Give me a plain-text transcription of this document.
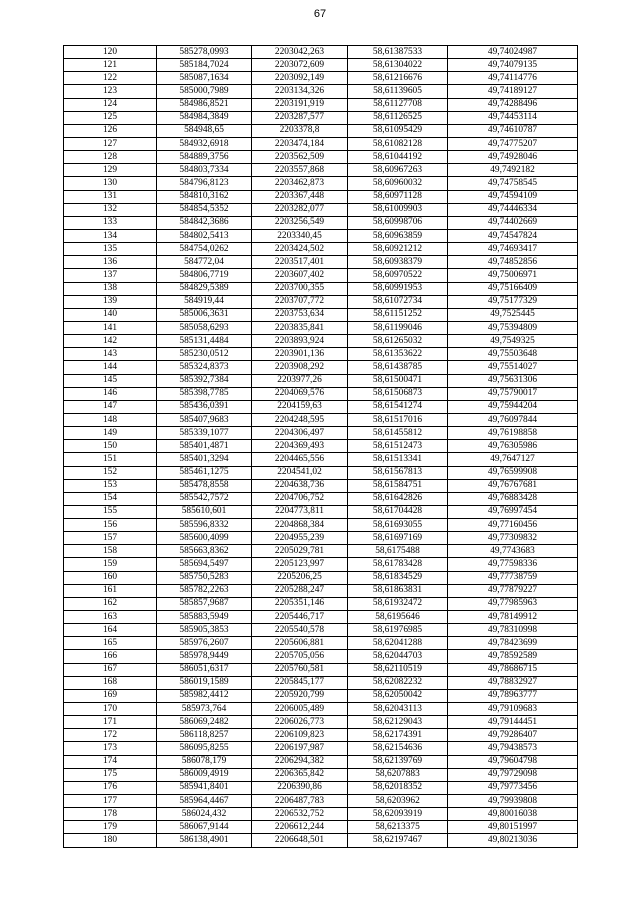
67
120	585278,0993	2203042,263	58,61387533	49,74024987
121	585184,7024	2203072,609	58,61304022	49,74079135
122	585087,1634	2203092,149	58,61216676	49,74114776
123	585000,7989	2203134,326	58,61139605	49,74189127
124	584986,8521	2203191,919	58,61127708	49,74288496
125	584984,3849	2203287,577	58,61126525	49,74453114
126	584948,65	2203378,8	58,61095429	49,74610787
127	584932,6918	2203474,184	58,61082128	49,74775207
128	584889,3756	2203562,509	58,61044192	49,74928046
129	584803,7334	2203557,868	58,60967263	49,7492182
130	584796,8123	2203462,873	58,60960032	49,74758545
131	584810,3162	2203367,448	58,60971128	49,74594109
132	584854,5352	2203282,077	58,61009903	49,74446334
133	584842,3686	2203256,549	58,60998706	49,74402669
134	584802,5413	2203340,45	58,60963859	49,74547824
135	584754,0262	2203424,502	58,60921212	49,74693417
136	584772,04	2203517,401	58,60938379	49,74852856
137	584806,7719	2203607,402	58,60970522	49,75006971
138	584829,5389	2203700,355	58,60991953	49,75166409
139	584919,44	2203707,772	58,61072734	49,75177329
140	585006,3631	2203753,634	58,61151252	49,7525445
141	585058,6293	2203835,841	58,61199046	49,75394809
142	585131,4484	2203893,924	58,61265032	49,7549325
143	585230,0512	2203901,136	58,61353622	49,75503648
144	585324,8373	2203908,292	58,61438785	49,75514027
145	585392,7384	2203977,26	58,61500471	49,75631306
146	585398,7785	2204069,576	58,61506873	49,75790017
147	585436,0391	2204159,63	58,61541274	49,75944204
148	585407,9683	2204248,595	58,61517016	49,76097844
149	585339,1077	2204306,497	58,61455812	49,76198858
150	585401,4871	2204369,493	58,61512473	49,76305986
151	585401,3294	2204465,556	58,61513341	49,7647127
152	585461,1275	2204541,02	58,61567813	49,76599908
153	585478,8558	2204638,736	58,61584751	49,76767681
154	585542,7572	2204706,752	58,61642826	49,76883428
155	585610,601	2204773,811	58,61704428	49,76997454
156	585596,8332	2204868,384	58,61693055	49,77160456
157	585600,4099	2204955,239	58,61697169	49,77309832
158	585663,8362	2205029,781	58,6175488	49,7743683
159	585694,5497	2205123,997	58,61783428	49,77598336
160	585750,5283	2205206,25	58,61834529	49,77738759
161	585782,2263	2205288,247	58,61863831	49,77879227
162	585857,9687	2205351,146	58,61932472	49,77985963
163	585883,5949	2205446,717	58,6195646	49,78149912
164	585905,3853	2205540,578	58,61976985	49,78310998
165	585976,2607	2205606,881	58,62041288	49,78423699
166	585978,9449	2205705,056	58,62044703	49,78592589
167	586051,6317	2205760,581	58,62110519	49,78686715
168	586019,1589	2205845,177	58,62082232	49,78832927
169	585982,4412	2205920,799	58,62050042	49,78963777
170	585973,764	2206005,489	58,62043113	49,79109683
171	586069,2482	2206026,773	58,62129043	49,79144451
172	586118,8257	2206109,823	58,62174391	49,79286407
173	586095,8255	2206197,987	58,62154636	49,79438573
174	586078,179	2206294,382	58,62139769	49,79604798
175	586009,4919	2206365,842	58,6207883	49,79729098
176	585941,8401	2206390,86	58,62018352	49,79773456
177	585964,4467	2206487,783	58,6203962	49,79939808
178	586024,432	2206532,752	58,62093919	49,80016038
179	586067,9144	2206612,244	58,6213375	49,80151997
180	586138,4901	2206648,501	58,62197467	49,80213036
